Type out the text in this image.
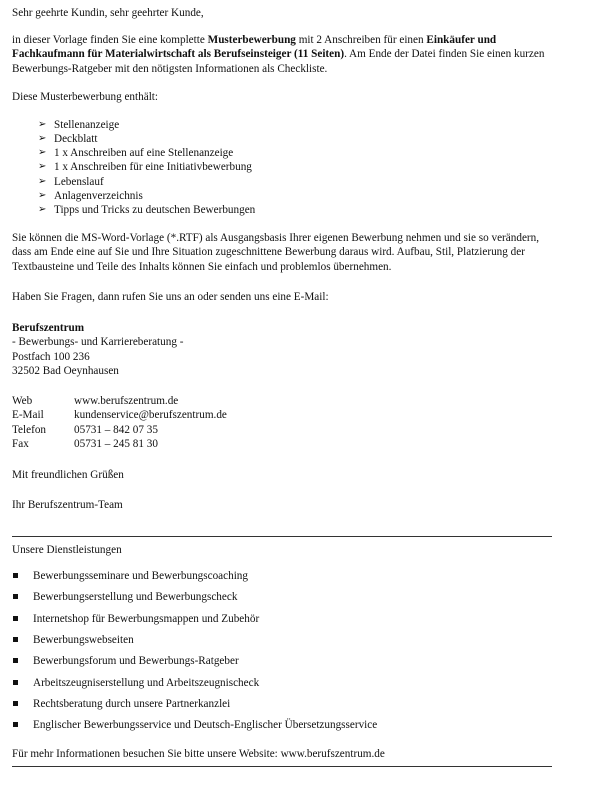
Sehr geehrte Kundin, sehr geehrter Kunde,

in dieser Vorlage finden Sie eine komplette Musterbewerbung mit 2 Anschreiben für einen Einkäufer und Fachkaufmann für Materialwirtschaft als Berufseinsteiger (11 Seiten). Am Ende der Datei finden Sie einen kurzen Bewerbungs-Ratgeber mit den nötigsten Informationen als Checkliste.

Diese Musterbewerbung enthält:

➢ Stellenanzeige
➢ Deckblatt
➢ 1 x Anschreiben auf eine Stellenanzeige
➢ 1 x Anschreiben für eine Initiativbewerbung
➢ Lebenslauf
➢ Anlagenverzeichnis
➢ Tipps und Tricks zu deutschen Bewerbungen

Sie können die MS-Word-Vorlage (*.RTF) als Ausgangsbasis Ihrer eigenen Bewerbung nehmen und sie so verändern, dass am Ende eine auf Sie und Ihre Situation zugeschnittene Bewerbung daraus wird. Aufbau, Stil, Platzierung der Textbausteine und Teile des Inhalts können Sie einfach und problemlos übernehmen.

Haben Sie Fragen, dann rufen Sie uns an oder senden uns eine E-Mail:

Berufszentrum

- Bewerbungs- und Karriereberatung -

Postfach 100 236

32502 Bad Oeynhausen

Web	www.berufszentrum.de
E-Mail	kundenservice@berufszentrum.de
Telefon	05731 – 842 07 35
Fax	05731 – 245 81 30

Mit freundlichen Grüßen

Ihr Berufszentrum-Team

Unsere Dienstleistungen

Bewerbungsseminare und Bewerbungscoaching
Bewerbungserstellung und Bewerbungscheck
Internetshop für Bewerbungsmappen und Zubehör
Bewerbungswebseiten
Bewerbungsforum und Bewerbungs-Ratgeber
Arbeitszeugniserstellung und Arbeitszeugnischeck
Rechtsberatung durch unsere Partnerkanzlei
Englischer Bewerbungsservice und Deutsch-Englischer Übersetzungsservice

Für mehr Informationen besuchen Sie bitte unsere Website: www.berufszentrum.de
